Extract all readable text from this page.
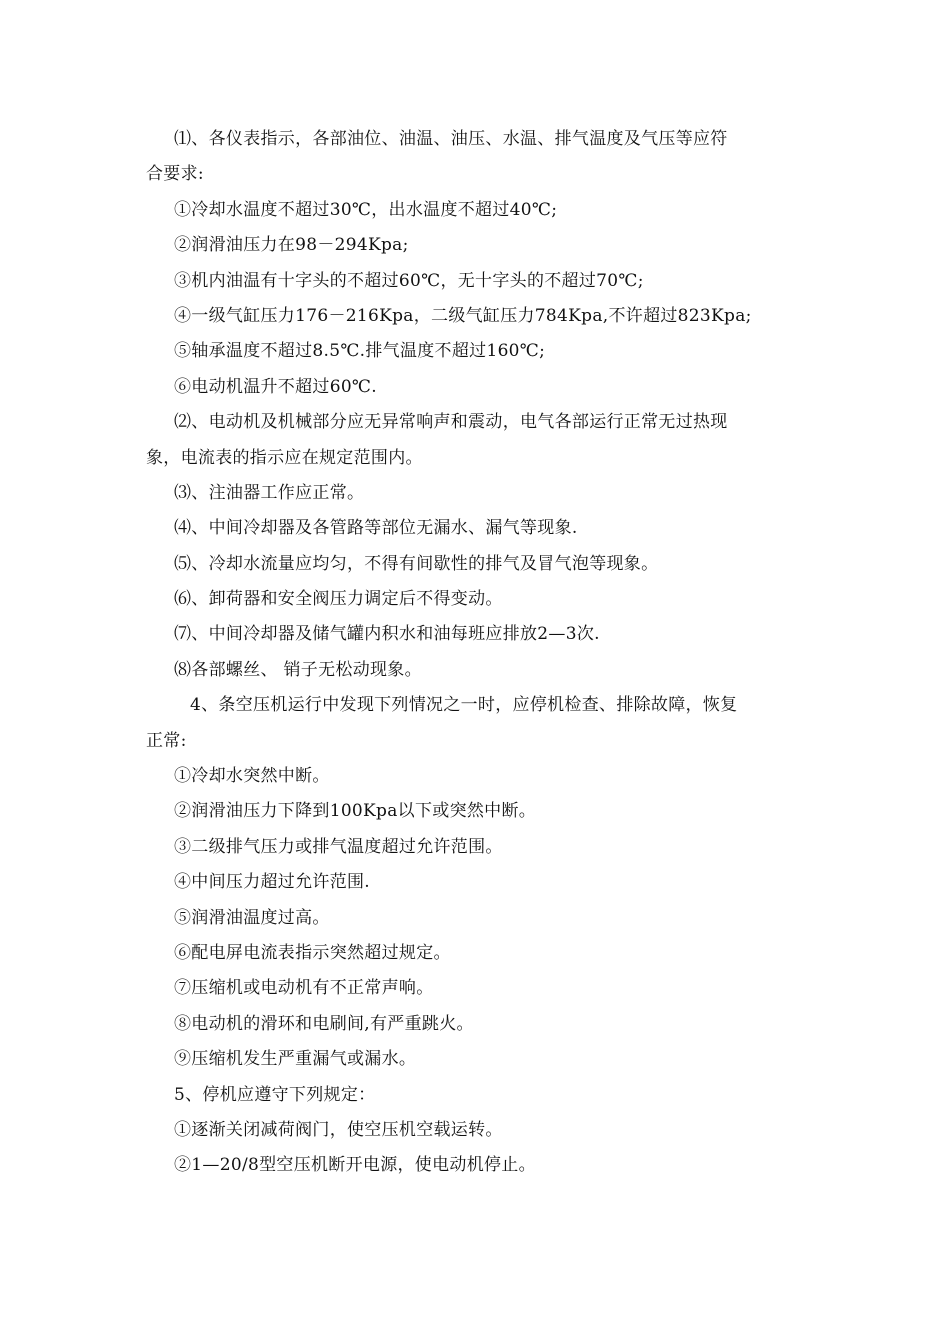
⑴、各仪表指示，各部油位、油温、油压、水温、排气温度及气压等应符
合要求:
①冷却水温度不超过30℃，出水温度不超过40℃;
②润滑油压力在98－294Kpa;
③机内油温有十字头的不超过60℃，无十字头的不超过70℃;
④一级气缸压力176－216Kpa，二级气缸压力784Kpa,不许超过823Kpa;
⑤轴承温度不超过8.5℃.排气温度不超过160℃;
⑥电动机温升不超过60℃.
⑵、电动机及机械部分应无异常响声和震动，电气各部运行正常无过热现
象，电流表的指示应在规定范围内。
⑶、注油器工作应正常。
⑷、中间冷却器及各管路等部位无漏水、漏气等现象.
⑸、冷却水流量应均匀，不得有间歇性的排气及冒气泡等现象。
⑹、卸荷器和安全阀压力调定后不得变动。
⑺、中间冷却器及储气罐内积水和油每班应排放2—3次.
⑻各部螺丝、 销子无松动现象。
4、条空压机运行中发现下列情况之一时，应停机检查、排除故障，恢复
正常:
①冷却水突然中断。
②润滑油压力下降到100Kpa以下或突然中断。
③二级排气压力或排气温度超过允许范围。
④中间压力超过允许范围.
⑤润滑油温度过高。
⑥配电屏电流表指示突然超过规定。
⑦压缩机或电动机有不正常声响。
⑧电动机的滑环和电刷间,有严重跳火。
⑨压缩机发生严重漏气或漏水。
5、停机应遵守下列规定：
①逐渐关闭减荷阀门，使空压机空载运转。
②1—20/8型空压机断开电源，使电动机停止。
